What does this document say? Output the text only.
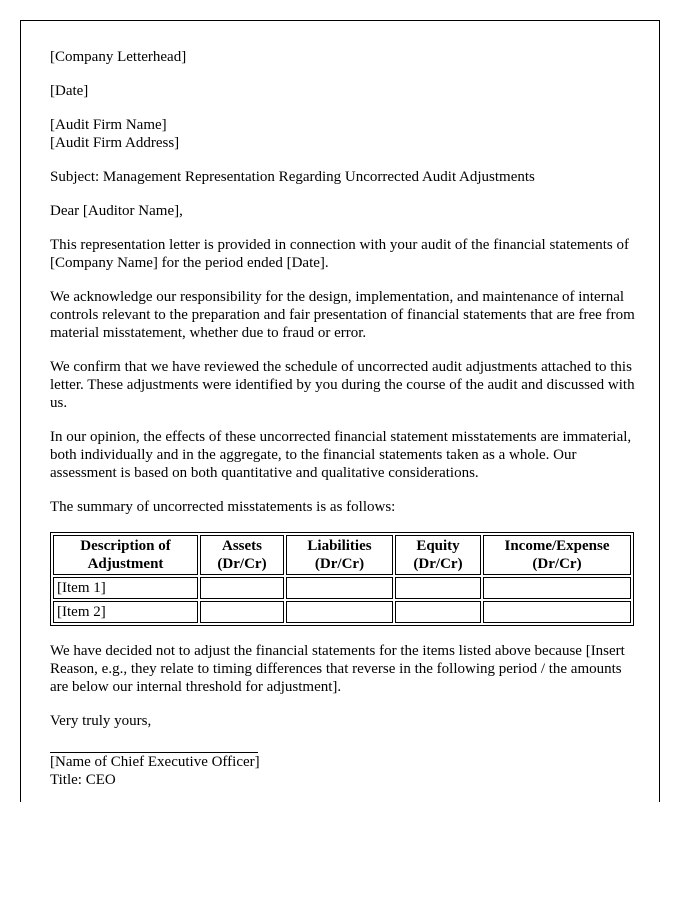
[Company Letterhead]

[Date]

[Audit Firm Name]
[Audit Firm Address]

Subject: Management Representation Regarding Uncorrected Audit Adjustments

Dear [Auditor Name],

This representation letter is provided in connection with your audit of the financial statements of [Company Name] for the period ended [Date].

We acknowledge our responsibility for the design, implementation, and maintenance of internal controls relevant to the preparation and fair presentation of financial statements that are free from material misstatement, whether due to fraud or error.

We confirm that we have reviewed the schedule of uncorrected audit adjustments attached to this letter. These adjustments were identified by you during the course of the audit and discussed with us.

In our opinion, the effects of these uncorrected financial statement misstatements are immaterial, both individually and in the aggregate, to the financial statements taken as a whole. Our assessment is based on both quantitative and qualitative considerations.

The summary of uncorrected misstatements is as follows:

Description of Adjustment	Assets (Dr/Cr)	Liabilities (Dr/Cr)	Equity (Dr/Cr)	Income/Expense (Dr/Cr)
[Item 1]				
[Item 2]				

We have decided not to adjust the financial statements for the items listed above because [Insert Reason, e.g., they relate to timing differences that reverse in the following period / the amounts are below our internal threshold for adjustment].

Very truly yours,

[Name of Chief Executive Officer]
Title: CEO
